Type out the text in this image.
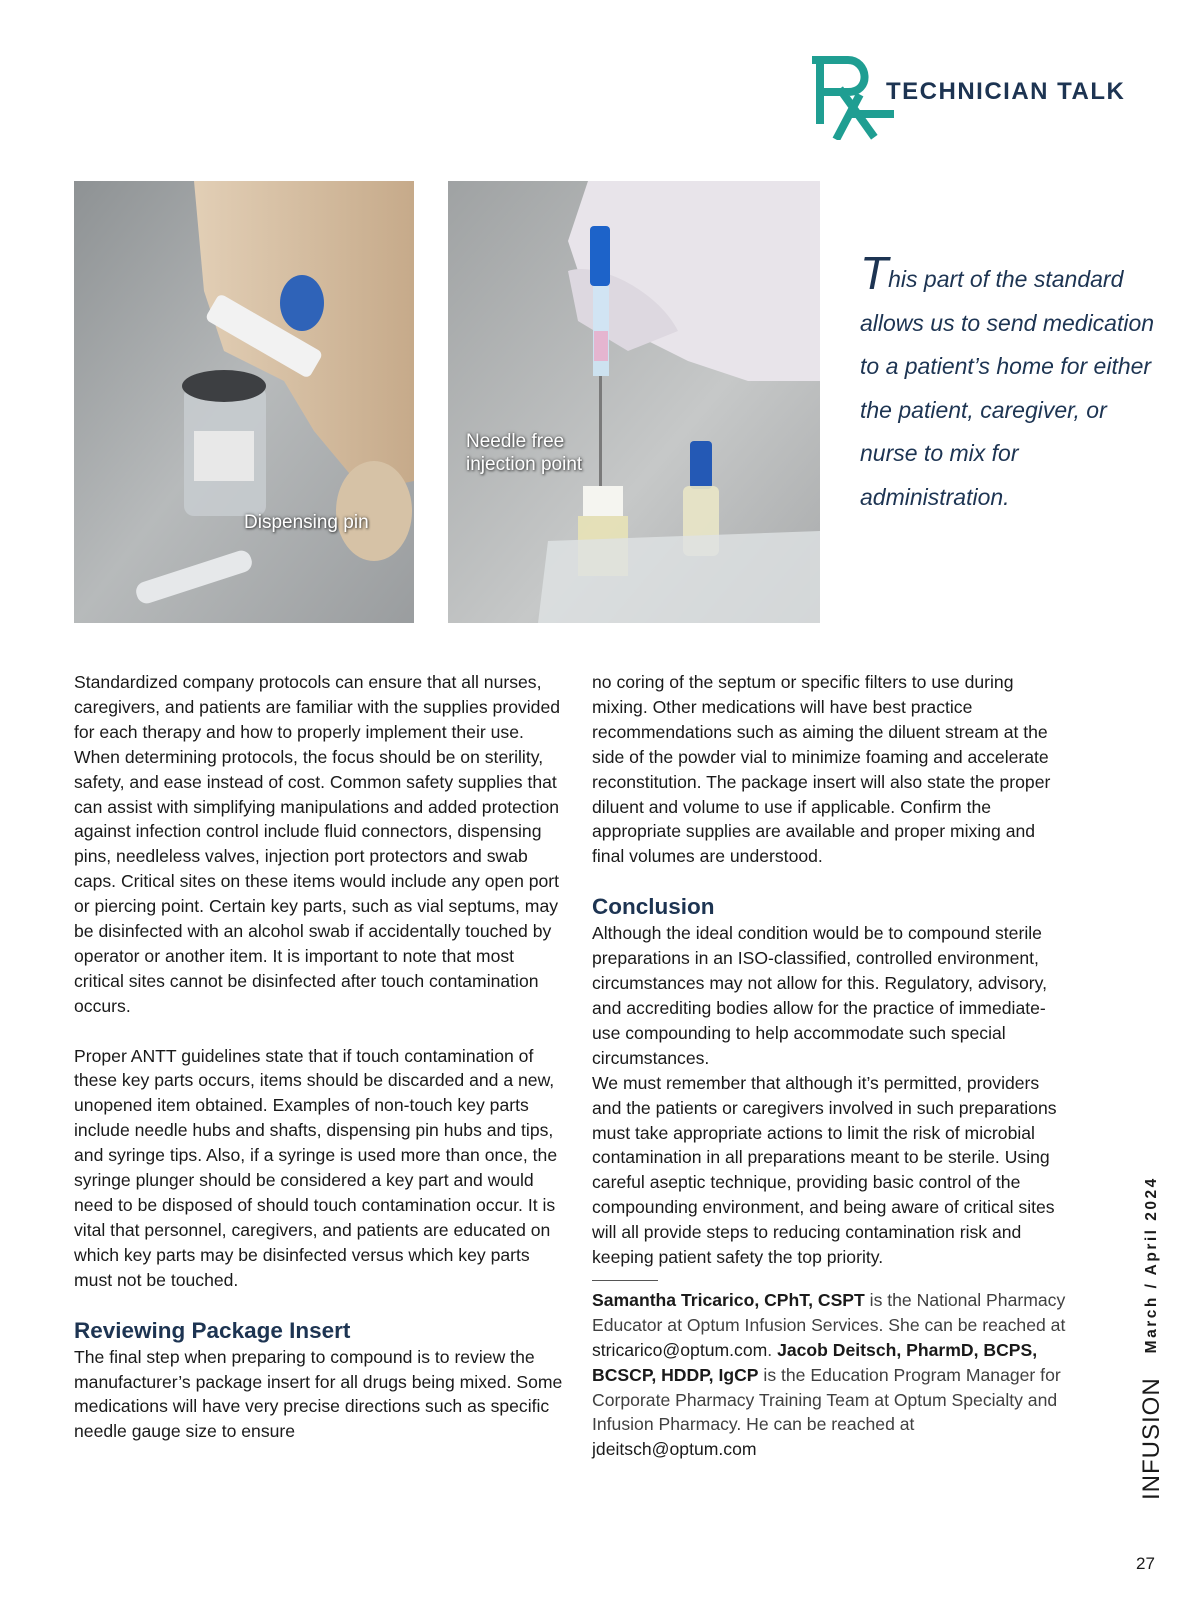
TECHNICIAN TALK
Dispensing pin
Needle free
injection point
This part of the standard allows us to send medication to a patient’s home for either the patient, caregiver, or nurse to mix for administration.

Standardized company protocols can ensure that all nurses, caregivers, and patients are familiar with the supplies provided for each therapy and how to properly implement their use. When determining protocols, the focus should be on sterility, safety, and ease instead of cost. Common safety supplies that can assist with simplifying manipulations and added protection against infection control include fluid connectors, dispensing pins, needleless valves, injection port protectors and swab caps. Critical sites on these items would include any open port or piercing point. Certain key parts, such as vial septums, may be disinfected with an alcohol swab if accidentally touched by operator or another item. It is important to note that most critical sites cannot be disinfected after touch contamination occurs.

Proper ANTT guidelines state that if touch contamination of these key parts occurs, items should be discarded and a new, unopened item obtained. Examples of non-touch key parts include needle hubs and shafts, dispensing pin hubs and tips, and syringe tips. Also, if a syringe is used more than once, the syringe plunger should be considered a key part and would need to be disposed of should touch contamination occur. It is vital that personnel, caregivers, and patients are educated on which key parts may be disinfected versus which key parts must not be touched.

Reviewing Package Insert

The final step when preparing to compound is to review the manufacturer’s package insert for all drugs being mixed. Some medications will have very precise directions such as specific needle gauge size to ensure

no coring of the septum or specific filters to use during mixing. Other medications will have best practice recommendations such as aiming the diluent stream at the side of the powder vial to minimize foaming and accelerate reconstitution. The package insert will also state the proper diluent and volume to use if applicable. Confirm the appropriate supplies are available and proper mixing and final volumes are understood.

Conclusion

Although the ideal condition would be to compound sterile preparations in an ISO-classified, controlled environment, circumstances may not allow for this. Regulatory, advisory, and accrediting bodies allow for the practice of immediate-use compounding to help accommodate such special circumstances.

We must remember that although it’s permitted, providers and the patients or caregivers involved in such preparations must take appropriate actions to limit the risk of microbial contamination in all preparations meant to be sterile. Using careful aseptic technique, providing basic control of the compounding environment, and being aware of critical sites will all provide steps to reducing contamination risk and keeping patient safety the top priority.

Samantha Tricarico, CPhT, CSPT is the National Pharmacy Educator at Optum Infusion Services. She can be reached at stricarico@optum.com. Jacob Deitsch, PharmD, BCPS, BCSCP, HDDP, IgCP is the Education Program Manager for Corporate Pharmacy Training Team at Optum Specialty and Infusion Pharmacy. He can be reached at jdeitsch@optum.com	INFUSION
March / April 2024
27
